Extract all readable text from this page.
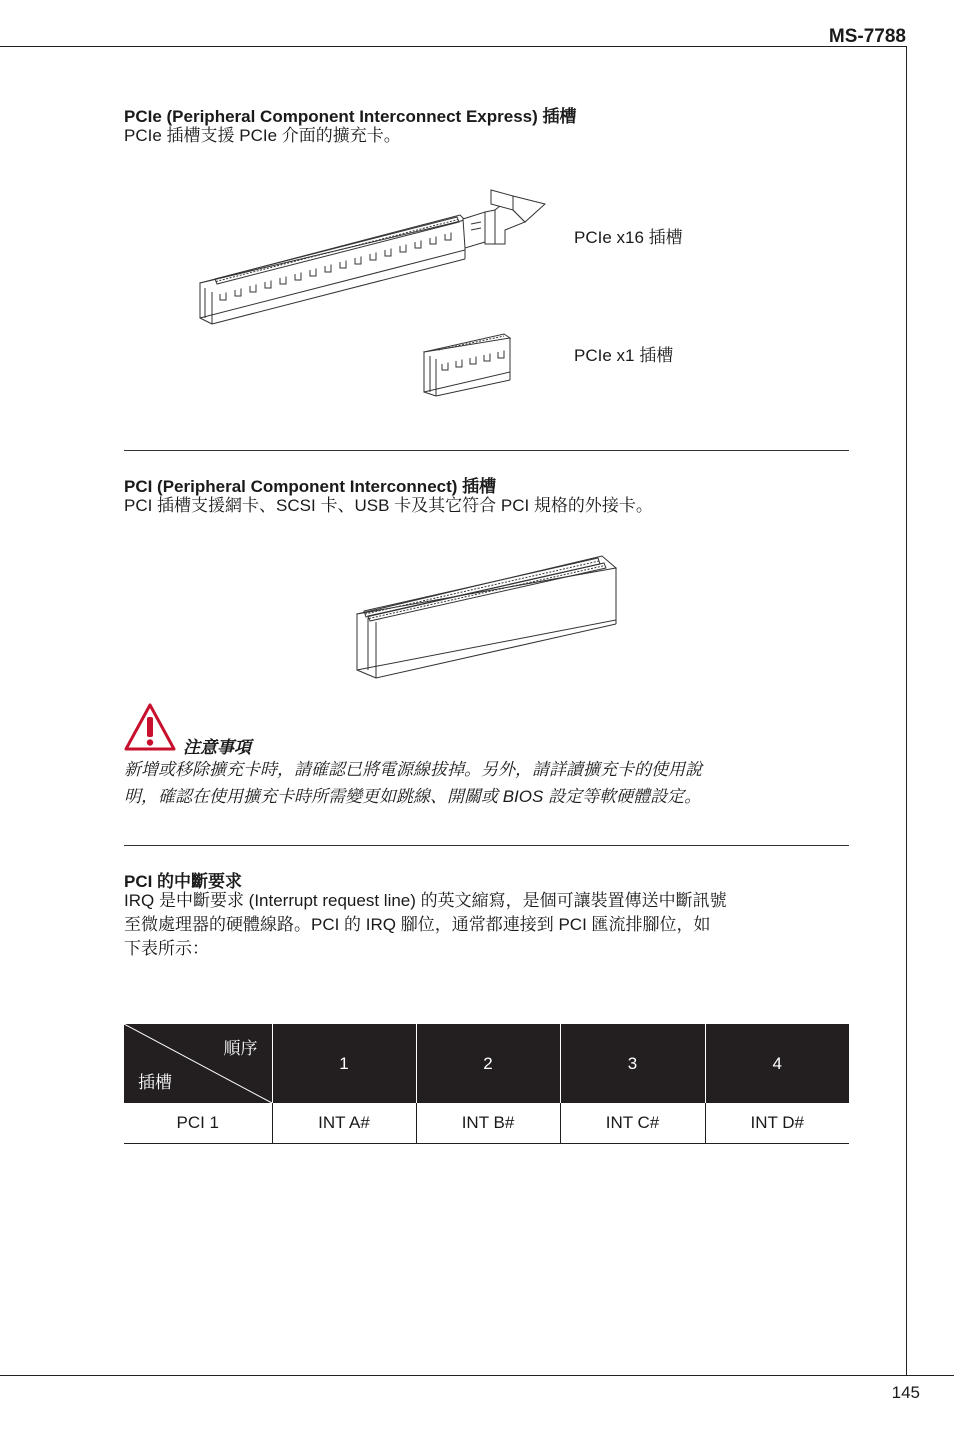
MS-7788
PCIe (Peripheral Component Interconnect Express) 插槽
PCIe 插槽支援 PCIe 介面的擴充卡。
PCIe x16 插槽
PCIe x1 插槽
PCI (Peripheral Component Interconnect) 插槽
PCI 插槽支援網卡、SCSI 卡、USB 卡及其它符合 PCI 規格的外接卡。
注意事項
新增或移除擴充卡時，請確認已將電源線拔掉。另外，請詳讀擴充卡的使用說
明，確認在使用擴充卡時所需變更如跳線、開關或 BIOS 設定等軟硬體設定。
PCI 的中斷要求
IRQ 是中斷要求 (Interrupt request line) 的英文縮寫，是個可讓裝置傳送中斷訊號
至微處理器的硬體線路。PCI 的 IRQ 腳位，通常都連接到 PCI 匯流排腳位，如
下表所示：
順序
插槽	1	2	3	4
PCI 1	INT A#	INT B#	INT C#	INT D#
145
